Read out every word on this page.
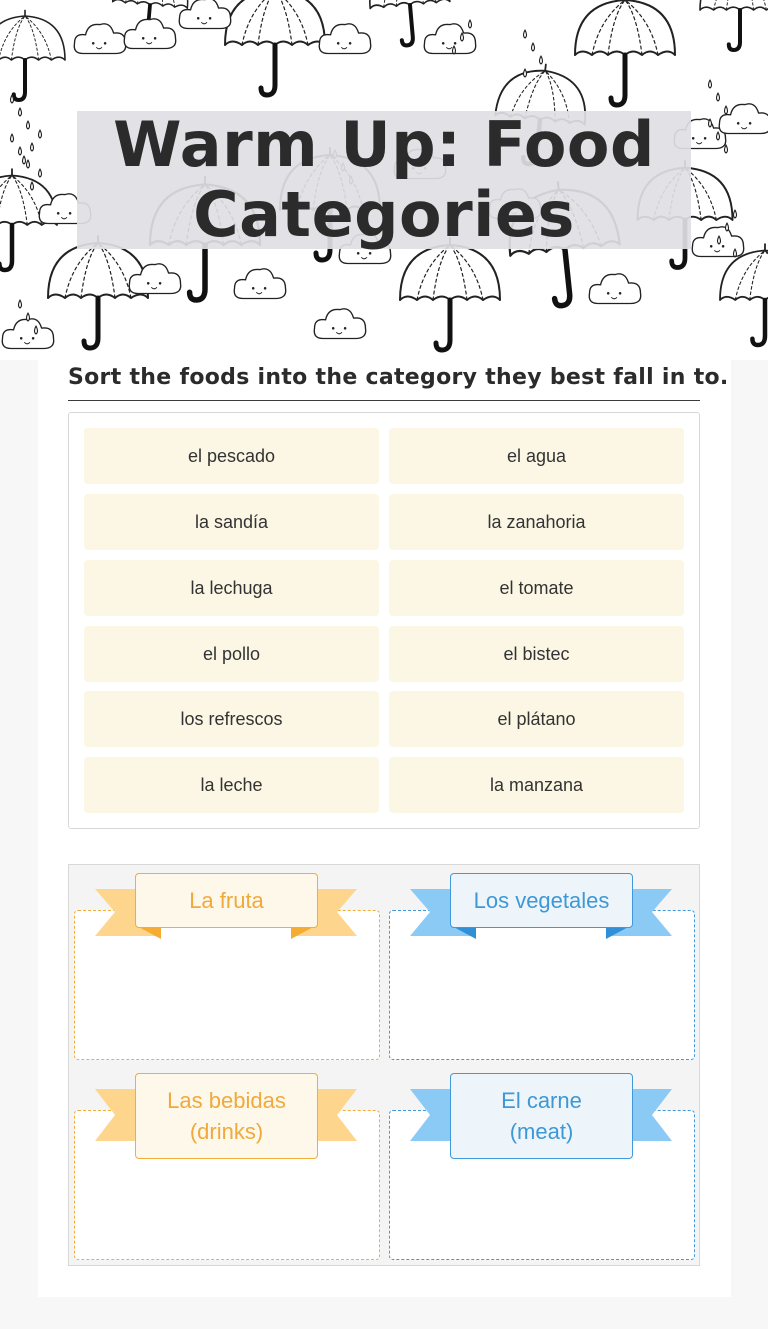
Warm Up: Food Categories
Sort the foods into the category they best fall in to.
el pescado	el agua
la sandía	la zanahoria
la lechuga	el tomate
el pollo	el bistec
los refrescos	el plátano
la leche	la manzana
La fruta	Los vegetales
Las bebidas (drinks)
El carne (meat)
